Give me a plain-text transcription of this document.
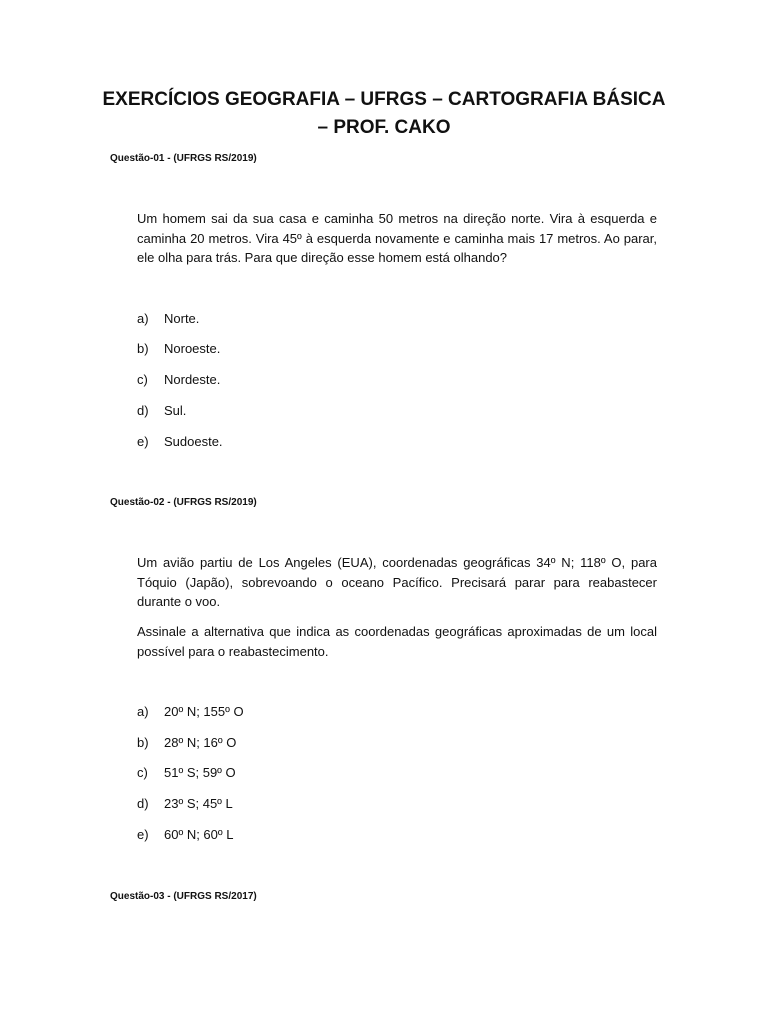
EXERCÍCIOS GEOGRAFIA – UFRGS – CARTOGRAFIA BÁSICA – PROF. CAKO
Questão-01 - (UFRGS RS/2019)
Um homem sai da sua casa e caminha 50 metros na direção norte. Vira à esquerda e caminha 20 metros. Vira 45º à esquerda novamente e caminha mais 17 metros. Ao parar, ele olha para trás. Para que direção esse homem está olhando?
a) Norte.
b) Noroeste.
c) Nordeste.
d) Sul.
e) Sudoeste.
Questão-02 - (UFRGS RS/2019)
Um avião partiu de Los Angeles (EUA), coordenadas geográficas 34º N; 118º O, para Tóquio (Japão), sobrevoando o oceano Pacífico. Precisará parar para reabastecer durante o voo.
Assinale a alternativa que indica as coordenadas geográficas aproximadas de um local possível para o reabastecimento.
a) 20º N; 155º O
b) 28º N; 16º O
c) 51º S; 59º O
d) 23º S; 45º L
e) 60º N; 60º L
Questão-03 - (UFRGS RS/2017)
